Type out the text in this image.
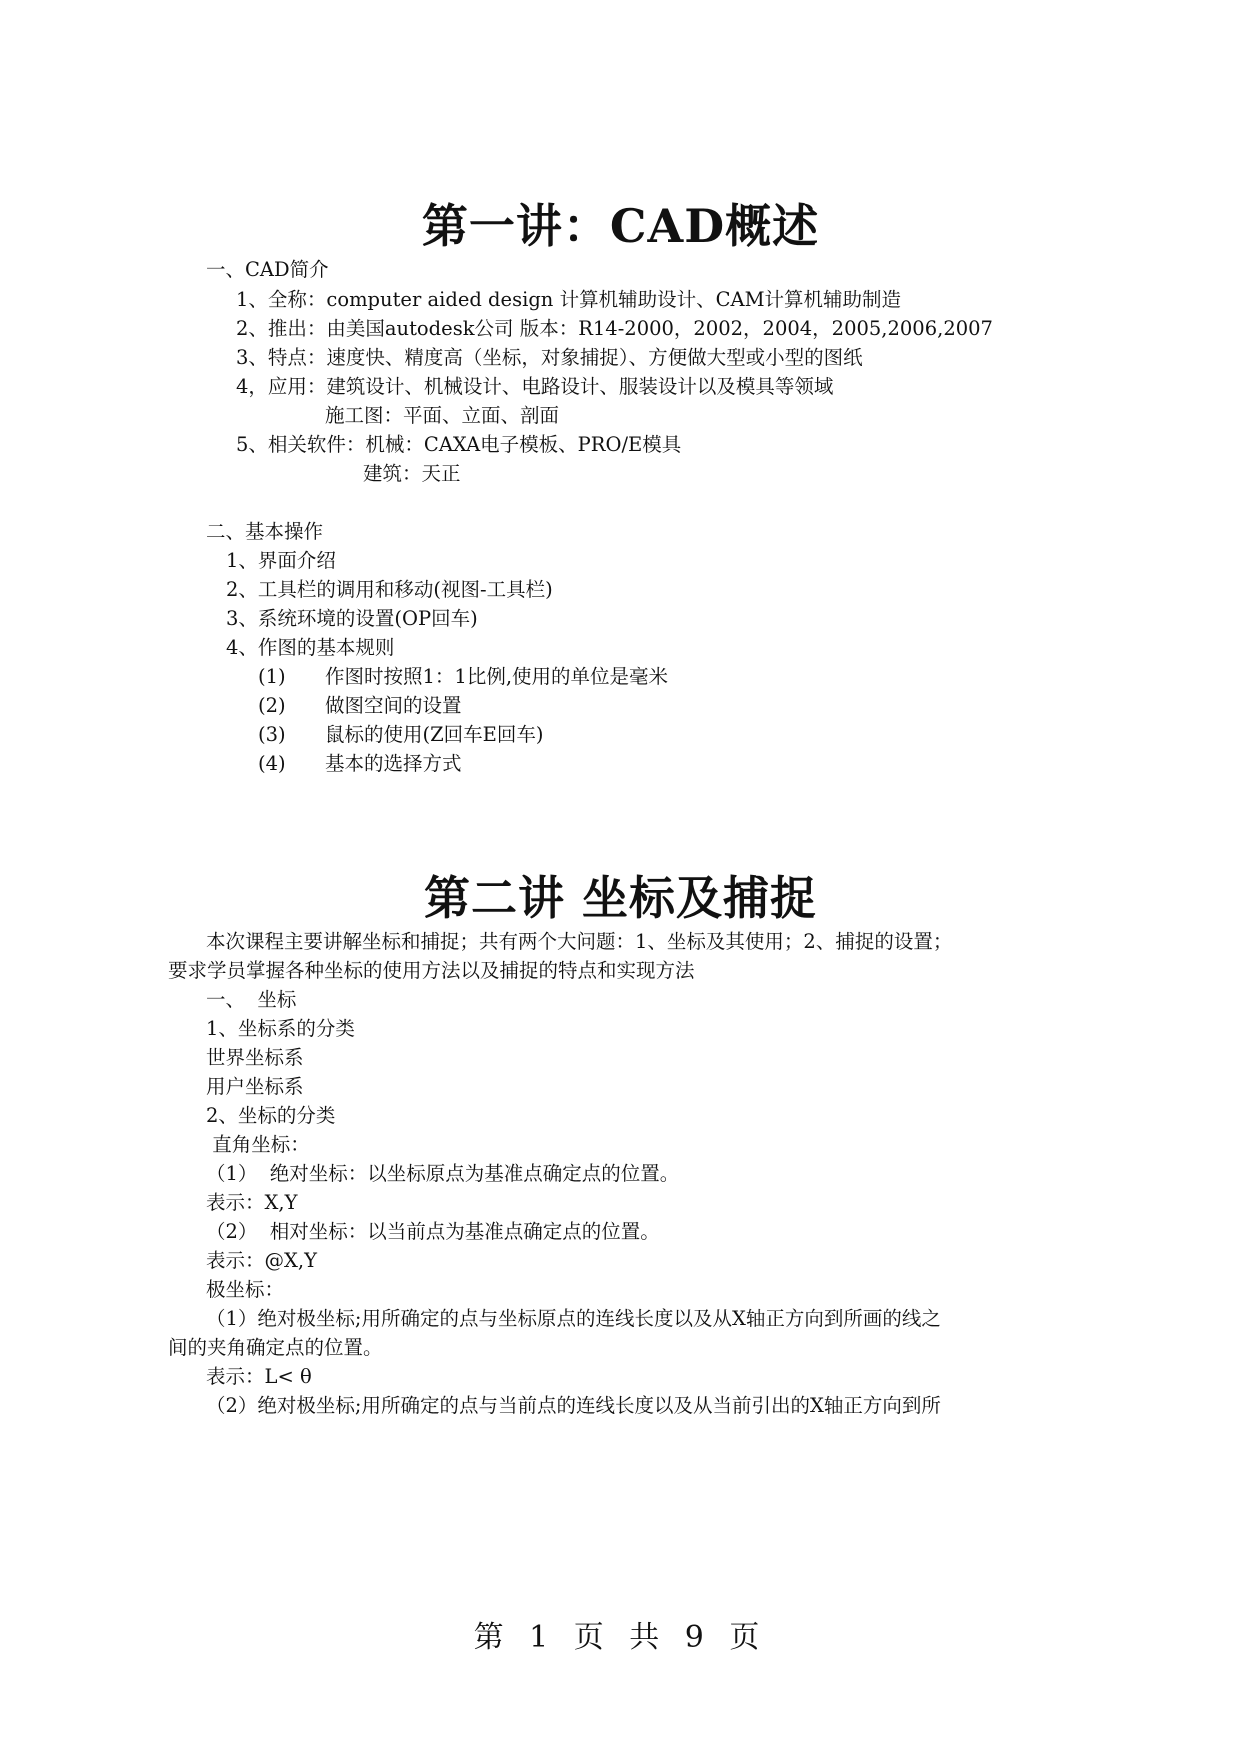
第一讲：CAD概述
一、CAD简介
1、全称：computer aided design 计算机辅助设计、CAM计算机辅助制造
2、推出：由美国autodesk公司 版本：R14-2000，2002，2004，2005,2006,2007
3、特点：速度快、精度高（坐标，对象捕捉）、方便做大型或小型的图纸
4，应用：建筑设计、机械设计、电路设计、服装设计以及模具等领域
施工图：平面、立面、剖面
5、相关软件：机械：CAXA电子模板、PRO/E模具
建筑：天正
二、基本操作
1、界面介绍
2、工具栏的调用和移动(视图-工具栏)
3、系统环境的设置(OP回车)
4、作图的基本规则
(1) 作图时按照1：1比例,使用的单位是毫米
(2) 做图空间的设置
(3) 鼠标的使用(Z回车E回车)
(4) 基本的选择方式
第二讲 坐标及捕捉
本次课程主要讲解坐标和捕捉；共有两个大问题：1、坐标及其使用；2、捕捉的设置；
要求学员掌握各种坐标的使用方法以及捕捉的特点和实现方法
一、  坐标
1、坐标系的分类
世界坐标系
用户坐标系
2、坐标的分类
直角坐标：
（1）  绝对坐标：以坐标原点为基准点确定点的位置。
表示：X,Y
（2）  相对坐标：以当前点为基准点确定点的位置。
表示：@X,Y
极坐标：
（1）绝对极坐标;用所确定的点与坐标原点的连线长度以及从X轴正方向到所画的线之
间的夹角确定点的位置。
表示：L< θ
（2）绝对极坐标;用所确定的点与当前点的连线长度以及从当前引出的X轴正方向到所
第 1 页 共 9 页
